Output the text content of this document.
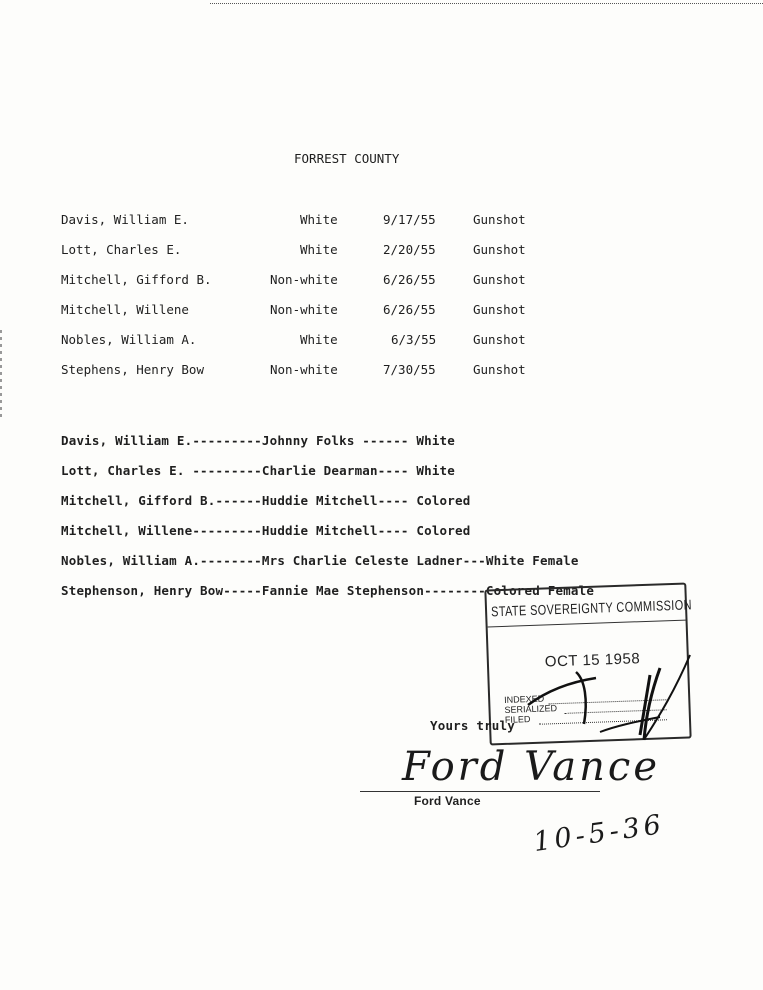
FORREST COUNTY
Davis, William E.	White	9/17/55	Gunshot
Lott, Charles E.	White	2/20/55	Gunshot
Mitchell, Gifford B.	Non-white	6/26/55	Gunshot
Mitchell, Willene	Non-white	6/26/55	Gunshot
Nobles, William A.	White	6/3/55	Gunshot
Stephens, Henry Bow	Non-white	7/30/55	Gunshot
Davis, William E.---------Johnny Folks ------ White
Lott, Charles E. ---------Charlie Dearman---- White
Mitchell, Gifford B.------Huddie Mitchell---- Colored
Mitchell, Willene---------Huddie Mitchell---- Colored
Nobles, William A.--------Mrs Charlie Celeste Ladner---White Female
Stephenson, Henry Bow-----Fannie Mae Stephenson--------Colored Female
STATE SOVEREIGNTY COMMISSION
OCT 15 1958
INDEXED
SERIALIZED
FILED
Yours truly
Ford Vance
Ford Vance
10-5-36
